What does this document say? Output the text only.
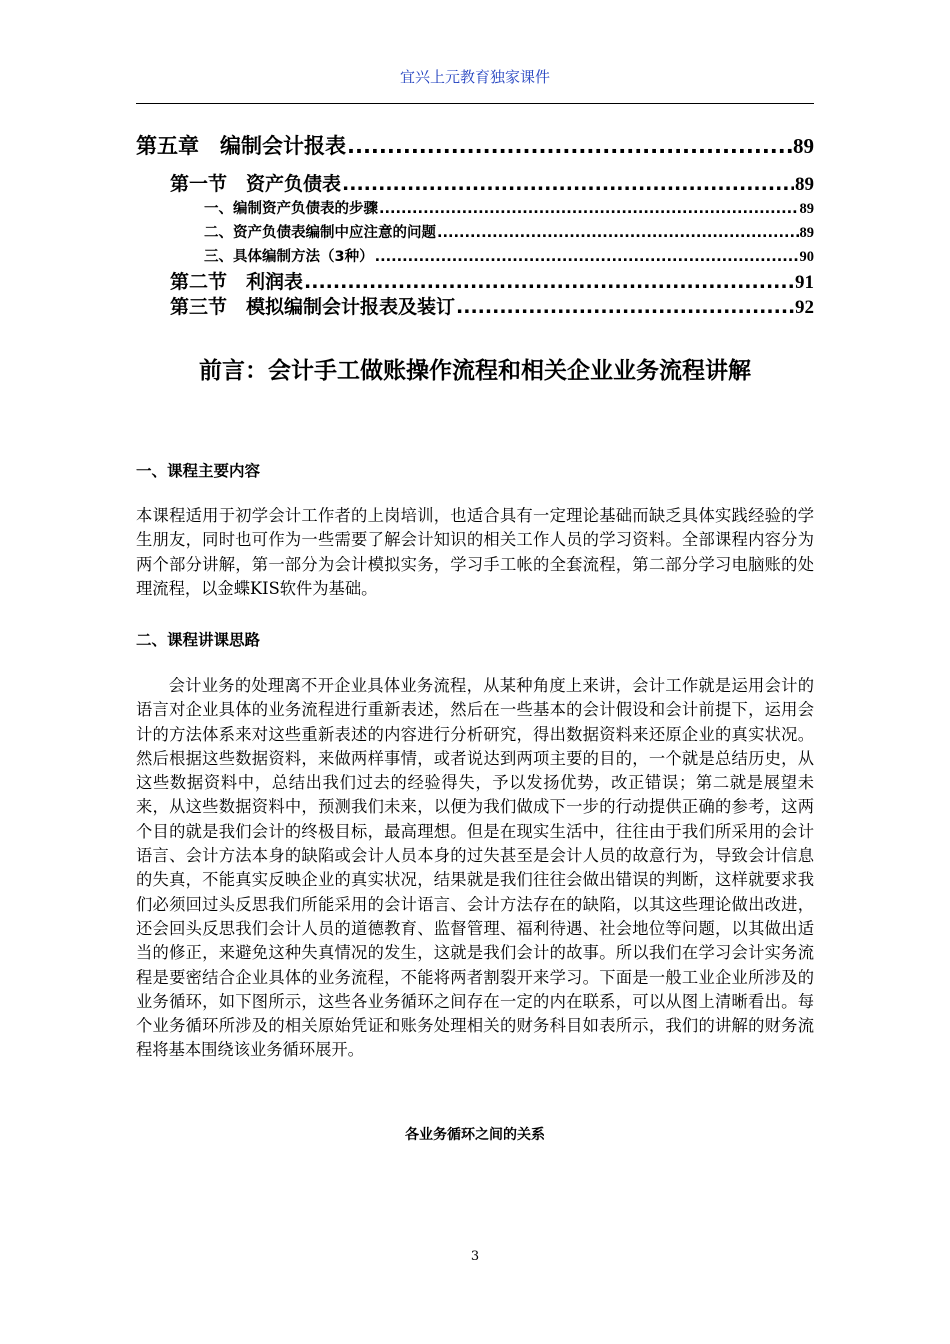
宜兴上元教育独家课件
第五章　编制会计报表 .....	89
第一节　资产负债表 .....	89
一、编制资产负债表的步骤 .....	89
二、资产负债表编制中应注意的问题 .....	89
三、具体编制方法（3种） .....	90
第二节　利润表 .....	91
第三节　模拟编制会计报表及装订 .....	92
前言：会计手工做账操作流程和相关企业业务流程讲解
一、课程主要内容
本课程适用于初学会计工作者的上岗培训，也适合具有一定理论基础而缺乏具体实践经验的学生朋友，同时也可作为一些需要了解会计知识的相关工作人员的学习资料。全部课程内容分为两个部分讲解，第一部分为会计模拟实务，学习手工帐的全套流程，第二部分学习电脑账的处理流程，以金蝶KIS软件为基础。
二、课程讲课思路
会计业务的处理离不开企业具体业务流程，从某种角度上来讲，会计工作就是运用会计的语言对企业具体的业务流程进行重新表述，然后在一些基本的会计假设和会计前提下，运用会计的方法体系来对这些重新表述的内容进行分析研究，得出数据资料来还原企业的真实状况。然后根据这些数据资料，来做两样事情，或者说达到两项主要的目的，一个就是总结历史，从这些数据资料中，总结出我们过去的经验得失，予以发扬优势，改正错误；第二就是展望未来，从这些数据资料中，预测我们未来，以便为我们做成下一步的行动提供正确的参考，这两个目的就是我们会计的终极目标，最高理想。但是在现实生活中，往往由于我们所采用的会计语言、会计方法本身的缺陷或会计人员本身的过失甚至是会计人员的故意行为，导致会计信息的失真，不能真实反映企业的真实状况，结果就是我们往往会做出错误的判断，这样就要求我们必须回过头反思我们所能采用的会计语言、会计方法存在的缺陷，以其这些理论做出改进，还会回头反思我们会计人员的道德教育、监督管理、福利待遇、社会地位等问题，以其做出适当的修正，来避免这种失真情况的发生，这就是我们会计的故事。所以我们在学习会计实务流程是要密结合企业具体的业务流程，不能将两者割裂开来学习。下面是一般工业企业所涉及的业务循环，如下图所示，这些各业务循环之间存在一定的内在联系，可以从图上清晰看出。每个业务循环所涉及的相关原始凭证和账务处理相关的财务科目如表所示，我们的讲解的财务流程将基本围绕该业务循环展开。
各业务循环之间的关系
3
